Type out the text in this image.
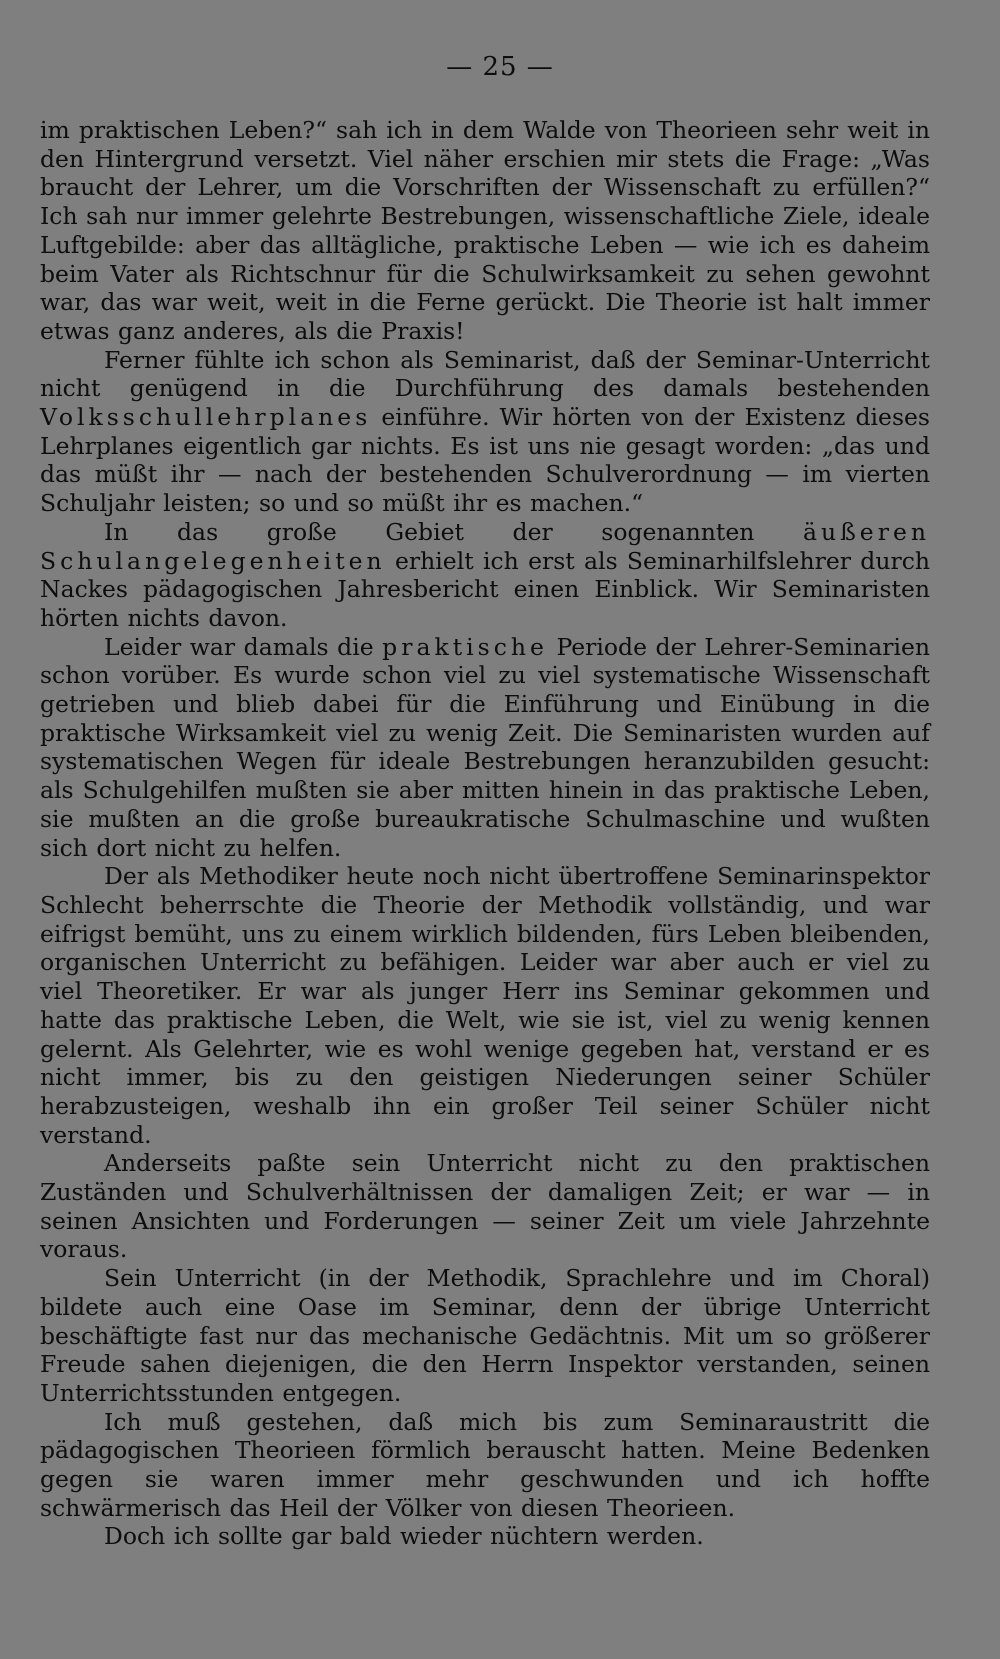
— 25 —

im praktischen Leben?“ sah ich in dem Walde von Theorieen sehr weit in den Hintergrund versetzt. Viel näher erschien mir stets die Frage: „Was braucht der Lehrer, um die Vorschriften der Wissenschaft zu erfüllen?“ Ich sah nur immer gelehrte Bestrebungen, wissenschaftliche Ziele, ideale Luftgebilde: aber das alltägliche, praktische Leben — wie ich es daheim beim Vater als Richtschnur für die Schulwirksamkeit zu sehen gewohnt war, das war weit, weit in die Ferne gerückt. Die Theorie ist halt immer etwas ganz anderes, als die Praxis!

Ferner fühlte ich schon als Seminarist, daß der Seminar-Unterricht nicht genügend in die Durchführung des damals bestehenden Volksschullehrplanes einführe. Wir hörten von der Existenz dieses Lehrplanes eigentlich gar nichts. Es ist uns nie gesagt worden: „das und das müßt ihr — nach der bestehenden Schulverordnung — im vierten Schuljahr leisten; so und so müßt ihr es machen.“

In das große Gebiet der sogenannten äußeren Schulangelegenheiten erhielt ich erst als Seminarhilfslehrer durch Nackes pädagogischen Jahresbericht einen Einblick. Wir Seminaristen hörten nichts davon.

Leider war damals die praktische Periode der Lehrer-Seminarien schon vorüber. Es wurde schon viel zu viel systematische Wissenschaft getrieben und blieb dabei für die Einführung und Einübung in die praktische Wirksamkeit viel zu wenig Zeit. Die Seminaristen wurden auf systematischen Wegen für ideale Bestrebungen heranzubilden gesucht: als Schulgehilfen mußten sie aber mitten hinein in das praktische Leben, sie mußten an die große bureaukratische Schulmaschine und wußten sich dort nicht zu helfen.

Der als Methodiker heute noch nicht übertroffene Seminarinspektor Schlecht beherrschte die Theorie der Methodik vollständig, und war eifrigst bemüht, uns zu einem wirklich bildenden, fürs Leben bleibenden, organischen Unterricht zu befähigen. Leider war aber auch er viel zu viel Theoretiker. Er war als junger Herr ins Seminar gekommen und hatte das praktische Leben, die Welt, wie sie ist, viel zu wenig kennen gelernt. Als Gelehrter, wie es wohl wenige gegeben hat, verstand er es nicht immer, bis zu den geistigen Niederungen seiner Schüler herabzusteigen, weshalb ihn ein großer Teil seiner Schüler nicht verstand.

Anderseits paßte sein Unterricht nicht zu den praktischen Zuständen und Schulverhältnissen der damaligen Zeit; er war — in seinen Ansichten und Forderungen — seiner Zeit um viele Jahrzehnte voraus.

Sein Unterricht (in der Methodik, Sprachlehre und im Choral) bildete auch eine Oase im Seminar, denn der übrige Unterricht beschäftigte fast nur das mechanische Gedächtnis. Mit um so größerer Freude sahen diejenigen, die den Herrn Inspektor verstanden, seinen Unterrichtsstunden entgegen.

Ich muß gestehen, daß mich bis zum Seminaraustritt die pädagogischen Theorieen förmlich berauscht hatten. Meine Bedenken gegen sie waren immer mehr geschwunden und ich hoffte schwärmerisch das Heil der Völker von diesen Theorieen.

Doch ich sollte gar bald wieder nüchtern werden.
